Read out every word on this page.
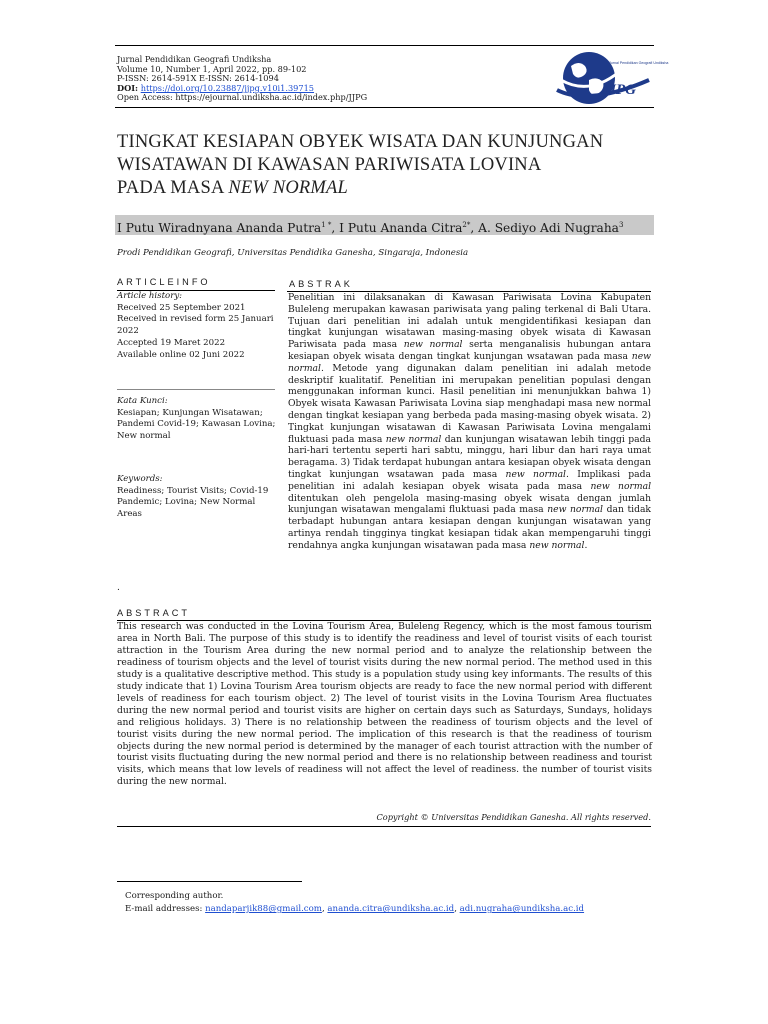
Jurnal Pendidikan Geografi Undiksha
Volume 10, Number 1, April 2022, pp. 89-102
P-ISSN: 2614-591X E-ISSN: 2614-1094
DOI: https://doi.org/10.23887/jjpg.v10i1.39715
Open Access: https://ejournal.undiksha.ac.id/index.php/JJPG	JJPG
Jurnal Pendidikan Geografi Undiksha
TINGKAT KESIAPAN OBYEK WISATA DAN KUNJUNGAN
WISATAWAN DI KAWASAN PARIWISATA LOVINA
PADA MASA NEW NORMAL
I Putu Wiradnyana Ananda Putra$^{1 *}$, I Putu Ananda Citra$^{2*}$, A. Sediyo Adi Nugraha$^3$
Prodi Pendidikan Geografi, Universitas Pendidika Ganesha, Singaraja, Indonesia
ARTICLEINFO
Article history:
Received 25 September 2021
Received in revised form 25 Januari 2022
Accepted 19 Maret 2022
Available online 02 Juni 2022
Kata Kunci:
Kesiapan; Kunjungan Wisatawan; Pandemi Covid-19; Kawasan Lovina; New normal
Keywords:
Readiness; Tourist Visits; Covid-19 Pandemic; Lovina; New Normal Areas
ABSTRAK
Penelitian ini dilaksanakan di Kawasan Pariwisata Lovina Kabupaten Buleleng merupakan kawasan pariwisata yang paling terkenal di Bali Utara. Tujuan dari penelitian ini adalah untuk mengidentifikasi kesiapan dan tingkat kunjungan wisatawan masing-masing obyek wisata di Kawasan Pariwisata pada masa new normal serta menganalisis hubungan antara kesiapan obyek wisata dengan tingkat kunjungan wsatawan pada masa new normal. Metode yang digunakan dalam penelitian ini adalah metode deskriptif kualitatif. Penelitian ini merupakan penelitian populasi dengan menggunakan informan kunci. Hasil penelitian ini menunjukkan bahwa 1) Obyek wisata Kawasan Pariwisata Lovina siap menghadapi masa new normal dengan tingkat kesiapan yang berbeda pada masing-masing obyek wisata. 2) Tingkat kunjungan wisatawan di Kawasan Pariwisata Lovina mengalami fluktuasi pada masa new normal dan kunjungan wisatawan lebih tinggi pada hari-hari tertentu seperti hari sabtu, minggu, hari libur dan hari raya umat beragama. 3) Tidak terdapat hubungan antara kesiapan obyek wisata dengan tingkat kunjungan wsatawan pada masa new normal. Implikasi pada penelitian ini adalah kesiapan obyek wisata pada masa new normal ditentukan oleh pengelola masing-masing obyek wisata dengan jumlah kunjungan wisatawan mengalami fluktuasi pada masa new normal dan tidak terbadapt hubungan antara kesiapan dengan kunjungan wisatawan yang artinya rendah tingginya tingkat kesiapan tidak akan mempengaruhi tinggi rendahnya angka kunjungan wisatawan pada masa new normal.
.
ABSTRACT
This research was conducted in the Lovina Tourism Area, Buleleng Regency, which is the most famous tourism area in North Bali. The purpose of this study is to identify the readiness and level of tourist visits of each tourist attraction in the Tourism Area during the new normal period and to analyze the relationship between the readiness of tourism objects and the level of tourist visits during the new normal period. The method used in this study is a qualitative descriptive method. This study is a population study using key informants. The results of this study indicate that 1) Lovina Tourism Area tourism objects are ready to face the new normal period with different levels of readiness for each tourism object. 2) The level of tourist visits in the Lovina Tourism Area fluctuates during the new normal period and tourist visits are higher on certain days such as Saturdays, Sundays, holidays and religious holidays. 3) There is no relationship between the readiness of tourism objects and the level of tourist visits during the new normal period. The implication of this research is that the readiness of tourism objects during the new normal period is determined by the manager of each tourist attraction with the number of tourist visits fluctuating during the new normal period and there is no relationship between readiness and tourist visits, which means that low levels of readiness will not affect the level of readiness. the number of tourist visits during the new normal.
Copyright © Universitas Pendidikan Ganesha. All rights reserved.
Corresponding author.
E-mail addresses: nandaparjik88@gmail.com, ananda.citra@undiksha.ac.id, adi.nugraha@undiksha.ac.id
